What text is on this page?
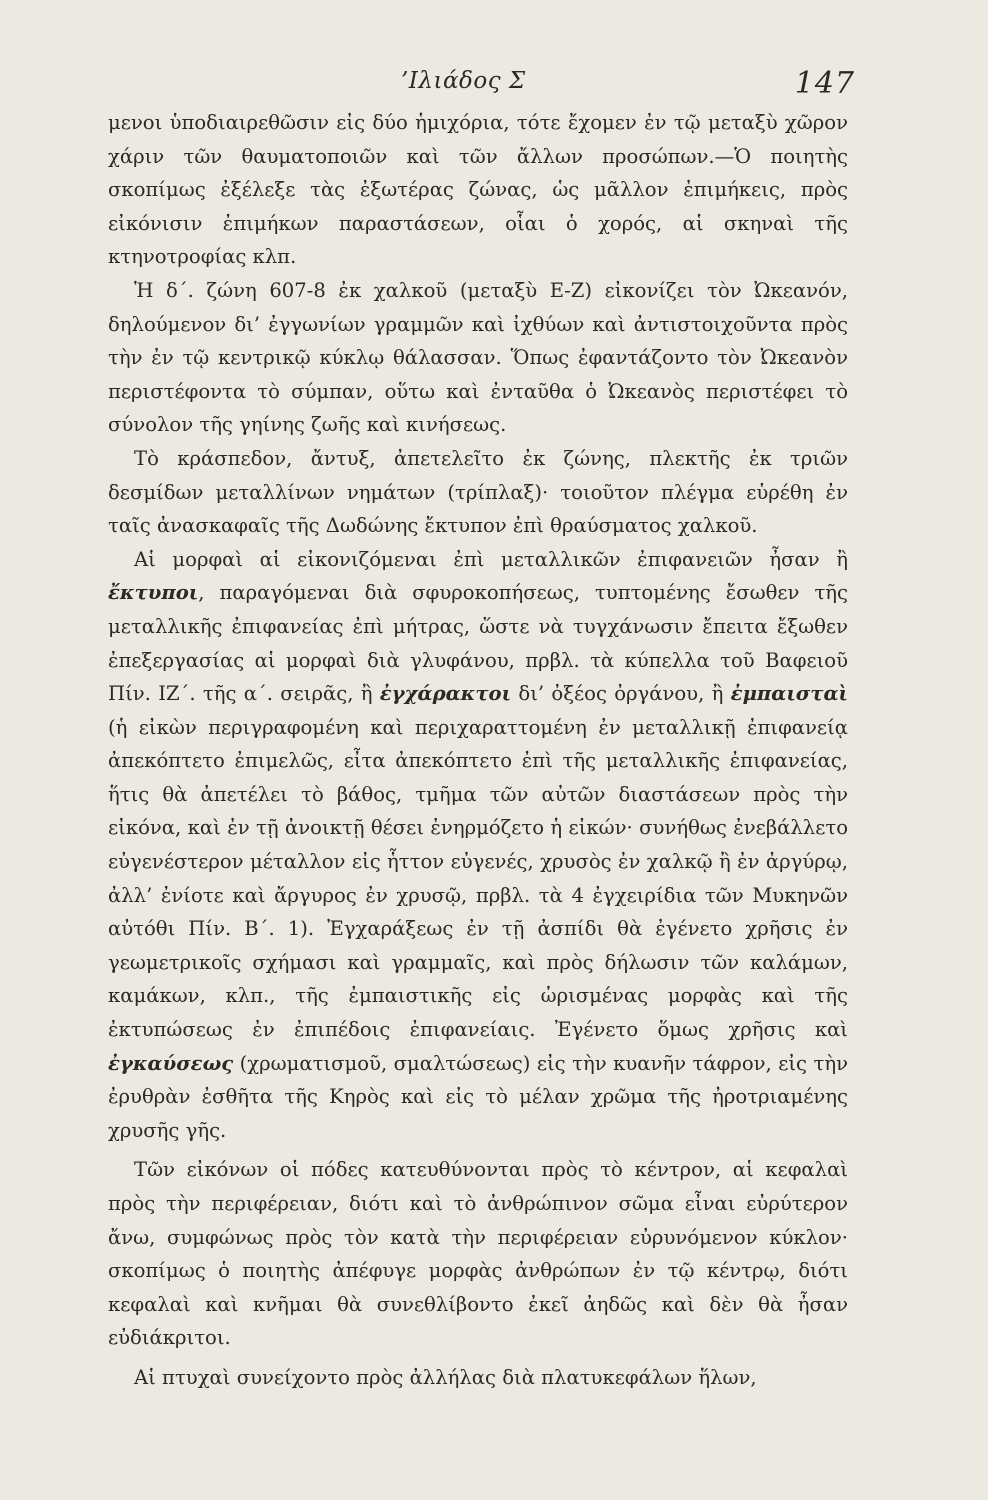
’Ιλιάδος Σ	147

μενοι ὑποδιαιρεθῶσιν εἰς δύο ἡμιχόρια, τότε ἔχομεν ἐν τῷ μεταξὺ χῶρον χάριν τῶν θαυματοποιῶν καὶ τῶν ἄλλων προσώπων.—Ὁ ποιητὴς σκοπίμως ἐξέλεξε τὰς ἐξωτέρας ζώνας, ὡς μᾶλλον ἐπιμήκεις, πρὸς εἰκόνισιν ἐπιμήκων παραστάσεων, οἷαι ὁ χορός, αἱ σκηναὶ τῆς κτηνοτροφίας κλπ.

Ἡ δ΄. ζώνη 607-8 ἐκ χαλκοῦ (μεταξὺ Ε-Ζ) εἰκονίζει τὸν Ὠκεανόν, δηλούμενον δι’ ἐγγωνίων γραμμῶν καὶ ἰχθύων καὶ ἀντιστοιχοῦντα πρὸς τὴν ἐν τῷ κεντρικῷ κύκλῳ θάλασσαν. Ὅπως ἐφαντάζοντο τὸν Ὠκεανὸν περιστέφοντα τὸ σύμπαν, οὕτω καὶ ἐνταῦθα ὁ Ὠκεανὸς περιστέφει τὸ σύνολον τῆς γηίνης ζωῆς καὶ κινήσεως.

Τὸ κράσπεδον, ἄντυξ, ἀπετελεῖτο ἐκ ζώνης, πλεκτῆς ἐκ τριῶν δεσμίδων μεταλλίνων νημάτων (τρίπλαξ)· τοιοῦτον πλέγμα εὑρέθη ἐν ταῖς ἀνασκαφαῖς τῆς Δωδώνης ἔκτυπον ἐπὶ θραύσματος χαλκοῦ.

Αἱ μορφαὶ αἱ εἰκονιζόμεναι ἐπὶ μεταλλικῶν ἐπιφανειῶν ἦσαν ἢ ἔκτυποι, παραγόμεναι διὰ σφυροκοπήσεως, τυπτομένης ἔσωθεν τῆς μεταλλικῆς ἐπιφανείας ἐπὶ μήτρας, ὥστε νὰ τυγχάνωσιν ἔπειτα ἔξωθεν ἐπεξεργασίας αἱ μορφαὶ διὰ γλυφάνου, πρβλ. τὰ κύπελλα τοῦ Βαφειοῦ Πίν. ΙΖ΄. τῆς α΄. σειρᾶς, ἢ ἐγχάρακτοι δι’ ὀξέος ὀργάνου, ἢ ἐμπαισταὶ (ἡ εἰκὼν περιγραφομένη καὶ περιχαραττομένη ἐν μεταλλικῇ ἐπιφανείᾳ ἀπεκόπτετο ἐπιμελῶς, εἶτα ἀπεκόπτετο ἐπὶ τῆς μεταλλικῆς ἐπιφανείας, ἥτις θὰ ἀπετέλει τὸ βάθος, τμῆμα τῶν αὐτῶν διαστάσεων πρὸς τὴν εἰκόνα, καὶ ἐν τῇ ἀνοικτῇ θέσει ἐνηρμόζετο ἡ εἰκών· συνήθως ἐνεβάλλετο εὐγενέστερον μέταλλον εἰς ἧττον εὐγενές, χρυσὸς ἐν χαλκῷ ἢ ἐν ἀργύρῳ, ἀλλ’ ἐνίοτε καὶ ἄργυρος ἐν χρυσῷ, πρβλ. τὰ 4 ἐγχειρίδια τῶν Μυκηνῶν αὐτόθι Πίν. Β΄. 1). Ἐγχαράξεως ἐν τῇ ἀσπίδι θὰ ἐγένετο χρῆσις ἐν γεωμετρικοῖς σχήμασι καὶ γραμμαῖς, καὶ πρὸς δήλωσιν τῶν καλάμων, καμάκων, κλπ., τῆς ἐμπαιστικῆς εἰς ὡρισμένας μορφὰς καὶ τῆς ἐκτυπώσεως ἐν ἐπιπέδοις ἐπιφανείαις. Ἐγένετο ὅμως χρῆσις καὶ ἐγκαύσεως (χρωματισμοῦ, σμαλτώσεως) εἰς τὴν κυανῆν τάφρον, εἰς τὴν ἐρυθρὰν ἐσθῆτα τῆς Κηρὸς καὶ εἰς τὸ μέλαν χρῶμα τῆς ἠροτριαμένης χρυσῆς γῆς.

Τῶν εἰκόνων οἱ πόδες κατευθύνονται πρὸς τὸ κέντρον, αἱ κεφαλαὶ πρὸς τὴν περιφέρειαν, διότι καὶ τὸ ἀνθρώπινον σῶμα εἶναι εὐρύτερον ἄνω, συμφώνως πρὸς τὸν κατὰ τὴν περιφέρειαν εὐρυνόμενον κύκλον· σκοπίμως ὁ ποιητὴς ἀπέφυγε μορφὰς ἀνθρώπων ἐν τῷ κέντρῳ, διότι κεφαλαὶ καὶ κνῆμαι θὰ συνεθλίβοντο ἐκεῖ ἀηδῶς καὶ δὲν θὰ ἦσαν εὐδιάκριτοι.

Αἱ πτυχαὶ συνείχοντο πρὸς ἀλλήλας διὰ πλατυκεφάλων ἥλων,
